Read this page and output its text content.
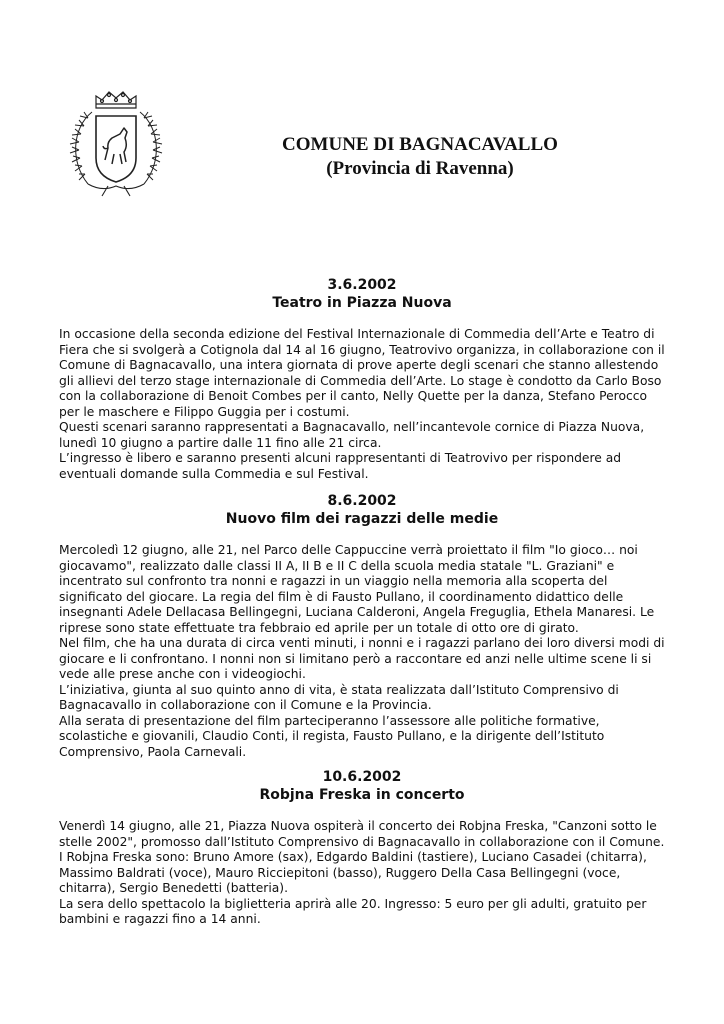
COMUNE DI BAGNACAVALLO
(Provincia di Ravenna)
3.6.2002
Teatro in Piazza Nuova

In occasione della seconda edizione del Festival Internazionale di Commedia dell’Arte e Teatro di Fiera che si svolgerà a Cotignola dal 14 al 16 giugno, Teatrovivo organizza, in collaborazione con il Comune di Bagnacavallo, una intera giornata di prove aperte degli scenari che stanno allestendo gli allievi del terzo stage internazionale di Commedia dell’Arte. Lo stage è condotto da Carlo Boso con la collaborazione di Benoit Combes per il canto, Nelly Quette per la danza, Stefano Perocco per le maschere e Filippo Guggia per i costumi.

Questi scenari saranno rappresentati a Bagnacavallo, nell’incantevole cornice di Piazza Nuova, lunedì 10 giugno a partire dalle 11 fino alle 21 circa.

L’ingresso è libero e saranno presenti alcuni rappresentanti di Teatrovivo per rispondere ad eventuali domande sulla Commedia e sul Festival.

8.6.2002
Nuovo film dei ragazzi delle medie

Mercoledì 12 giugno, alle 21, nel Parco delle Cappuccine verrà proiettato il film "Io gioco… noi giocavamo", realizzato dalle classi II A, II B e II C della scuola media statale "L. Graziani" e incentrato sul confronto tra nonni e ragazzi in un viaggio nella memoria alla scoperta del significato del giocare. La regia del film è di Fausto Pullano, il coordinamento didattico delle insegnanti Adele Dellacasa Bellingegni, Luciana Calderoni, Angela Freguglia, Ethela Manaresi. Le riprese sono state effettuate tra febbraio ed aprile per un totale di otto ore di girato.

Nel film, che ha una durata di circa venti minuti, i nonni e i ragazzi parlano dei loro diversi modi di giocare e li confrontano. I nonni non si limitano però a raccontare ed anzi nelle ultime scene li si vede alle prese anche con i videogiochi.

L’iniziativa, giunta al suo quinto anno di vita, è stata realizzata dall’Istituto Comprensivo di Bagnacavallo in collaborazione con il Comune e la Provincia.

Alla serata di presentazione del film parteciperanno l’assessore alle politiche formative, scolastiche e giovanili, Claudio Conti, il regista, Fausto Pullano, e la dirigente dell’Istituto Comprensivo, Paola Carnevali.

10.6.2002
Robjna Freska in concerto

Venerdì 14 giugno, alle 21, Piazza Nuova ospiterà il concerto dei Robjna Freska, "Canzoni sotto le stelle 2002", promosso dall’Istituto Comprensivo di Bagnacavallo in collaborazione con il Comune.

I Robjna Freska sono: Bruno Amore (sax), Edgardo Baldini (tastiere), Luciano Casadei (chitarra), Massimo Baldrati (voce), Mauro Ricciepitoni (basso), Ruggero Della Casa Bellingegni (voce, chitarra), Sergio Benedetti (batteria).

La sera dello spettacolo la biglietteria aprirà alle 20. Ingresso: 5 euro per gli adulti, gratuito per bambini e ragazzi fino a 14 anni.
